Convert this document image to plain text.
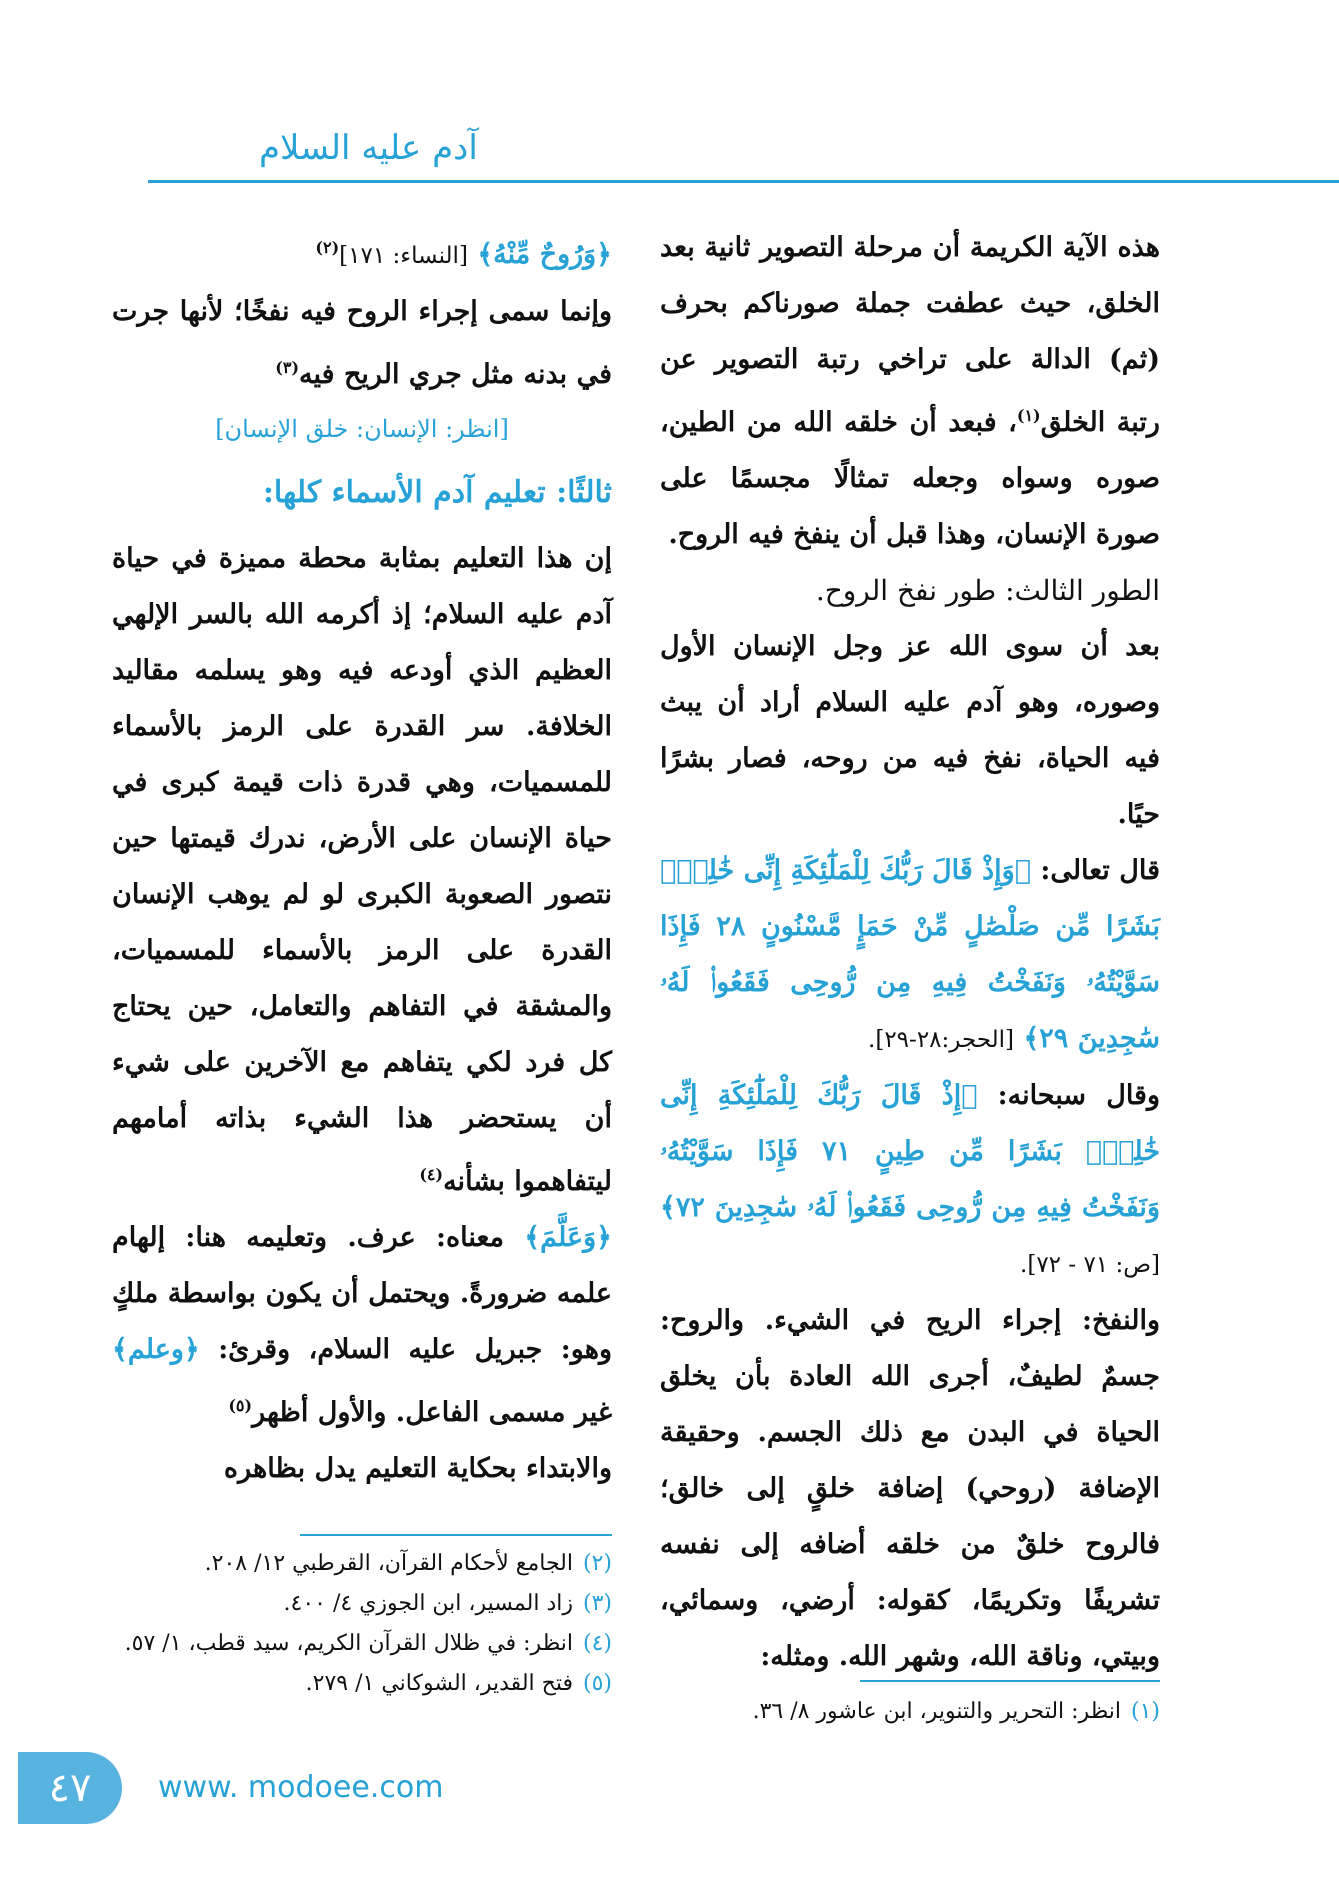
آدم عليه السلام

هذه الآية الكريمة أن مرحلة التصوير ثانية بعد الخلق، حيث عطفت جملة صورناكم بحرف (ثم) الدالة على تراخي رتبة التصوير عن رتبة الخلق$^{(١)}$، فبعد أن خلقه الله من الطين، صوره وسواه وجعله تمثالًا مجسمًا على صورة الإنسان، وهذا قبل أن ينفخ فيه الروح.

الطور الثالث: طور نفخ الروح.

بعد أن سوى الله عز وجل الإنسان الأول وصوره، وهو آدم عليه السلام أراد أن يبث فيه الحياة، نفخ فيه من روحه، فصار بشرًا حيًا.

قال تعالى: ﴿وَإِذْ قَالَ رَبُّكَ لِلْمَلَٰٓئِكَةِ إِنِّى خَٰلِقٌۢ بَشَرًا مِّن صَلْصَٰلٍ مِّنْ حَمَإٍ مَّسْنُونٍ ٢٨ فَإِذَا سَوَّيْتُهُۥ وَنَفَخْتُ فِيهِ مِن رُّوحِى فَقَعُوا۟ لَهُۥ سَٰجِدِينَ ٢٩﴾ [الحجر:٢٨-٢٩].

وقال سبحانه: ﴿إِذْ قَالَ رَبُّكَ لِلْمَلَٰٓئِكَةِ إِنِّى خَٰلِقٌۢ بَشَرًا مِّن طِينٍ ٧١ فَإِذَا سَوَّيْتُهُۥ وَنَفَخْتُ فِيهِ مِن رُّوحِى فَقَعُوا۟ لَهُۥ سَٰجِدِينَ ٧٢﴾ [ص: ٧١ - ٧٢].

والنفخ: إجراء الريح في الشيء. والروح: جسمٌ لطيفٌ، أجرى الله العادة بأن يخلق الحياة في البدن مع ذلك الجسم. وحقيقة الإضافة (روحي) إضافة خلقٍ إلى خالق؛ فالروح خلقٌ من خلقه أضافه إلى نفسه تشريفًا وتكريمًا، كقوله: أرضي، وسمائي، وبيتي، وناقة الله، وشهر الله. ومثله:

﴿وَرُوحٌ مِّنْهُ﴾ [النساء: ١٧١]$^{(٢)}$

وإنما سمى إجراء الروح فيه نفخًا؛ لأنها جرت في بدنه مثل جري الريح فيه$^{(٣)}$

[انظر: الإنسان: خلق الإنسان]
ثالثًا: تعليم آدم الأسماء كلها:

إن هذا التعليم بمثابة محطة مميزة في حياة آدم عليه السلام؛ إذ أكرمه الله بالسر الإلهي العظيم الذي أودعه فيه وهو يسلمه مقاليد الخلافة. سر القدرة على الرمز بالأسماء للمسميات، وهي قدرة ذات قيمة كبرى في حياة الإنسان على الأرض، ندرك قيمتها حين نتصور الصعوبة الكبرى لو لم يوهب الإنسان القدرة على الرمز بالأسماء للمسميات، والمشقة في التفاهم والتعامل، حين يحتاج كل فرد لكي يتفاهم مع الآخرين على شيء أن يستحضر هذا الشيء بذاته أمامهم ليتفاهموا بشأنه$^{(٤)}$

﴿وَعَلَّمَ﴾ معناه: عرف. وتعليمه هنا: إلهام علمه ضرورةً. ويحتمل أن يكون بواسطة ملكٍ وهو: جبريل عليه السلام، وقرئ: ﴿وعلم﴾ غير مسمى الفاعل. والأول أظهر$^{(٥)}$

والابتداء بحكاية التعليم يدل بظاهره

(٢)الجامع لأحكام القرآن، القرطبي ١٢/ ٢٠٨.
(٣)زاد المسير، ابن الجوزي ٤/ ٤٠٠.
(٤)انظر: في ظلال القرآن الكريم، سيد قطب، ١/ ٥٧.
(٥)فتح القدير، الشوكاني ١/ ٢٧٩.
(١)انظر: التحرير والتنوير، ابن عاشور ٨/ ٣٦.
٤٧	www. modoee.com
